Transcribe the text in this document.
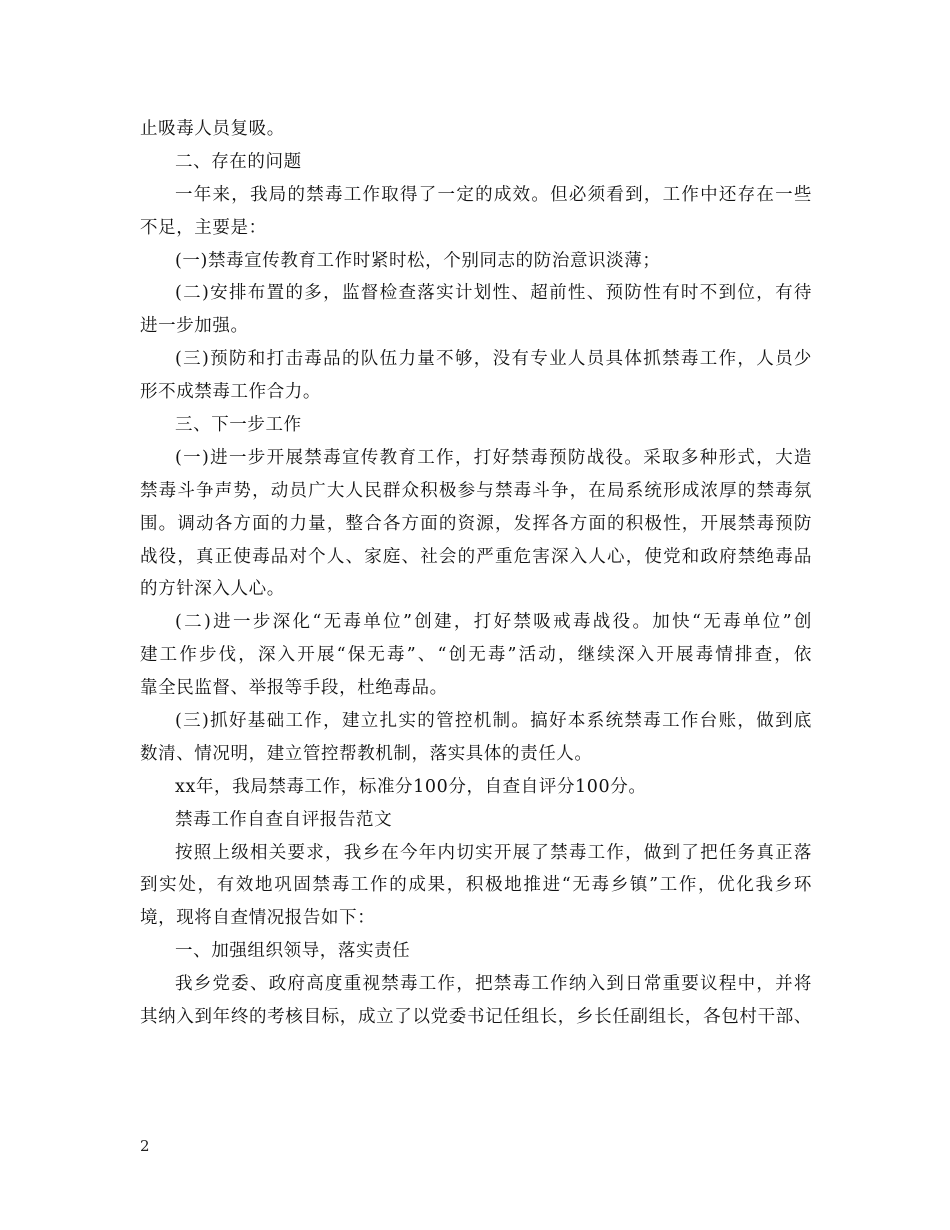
止吸毒人员复吸。
二、存在的问题
一年来，我局的禁毒工作取得了一定的成效。但必须看到，工作中还存在一些
不足，主要是：
(一)禁毒宣传教育工作时紧时松，个别同志的防治意识淡薄；
(二)安排布置的多，监督检查落实计划性、超前性、预防性有时不到位，有待
进一步加强。
(三)预防和打击毒品的队伍力量不够，没有专业人员具体抓禁毒工作，人员少
形不成禁毒工作合力。
三、下一步工作
(一)进一步开展禁毒宣传教育工作，打好禁毒预防战役。采取多种形式，大造
禁毒斗争声势，动员广大人民群众积极参与禁毒斗争，在局系统形成浓厚的禁毒氛
围。调动各方面的力量，整合各方面的资源，发挥各方面的积极性，开展禁毒预防
战役，真正使毒品对个人、家庭、社会的严重危害深入人心，使党和政府禁绝毒品
的方针深入人心。
(二)进一步深化“无毒单位”创建，打好禁吸戒毒战役。加快“无毒单位”创
建工作步伐，深入开展“保无毒”、“创无毒”活动，继续深入开展毒情排查，依
靠全民监督、举报等手段，杜绝毒品。
(三)抓好基础工作，建立扎实的管控机制。搞好本系统禁毒工作台账，做到底
数清、情况明，建立管控帮教机制，落实具体的责任人。
xx年，我局禁毒工作，标准分100分，自查自评分100分。
禁毒工作自查自评报告范文
按照上级相关要求，我乡在今年内切实开展了禁毒工作，做到了把任务真正落
到实处，有效地巩固禁毒工作的成果，积极地推进“无毒乡镇”工作，优化我乡环
境，现将自查情况报告如下：
一、加强组织领导，落实责任
我乡党委、政府高度重视禁毒工作，把禁毒工作纳入到日常重要议程中，并将
其纳入到年终的考核目标，成立了以党委书记任组长，乡长任副组长，各包村干部、
2
